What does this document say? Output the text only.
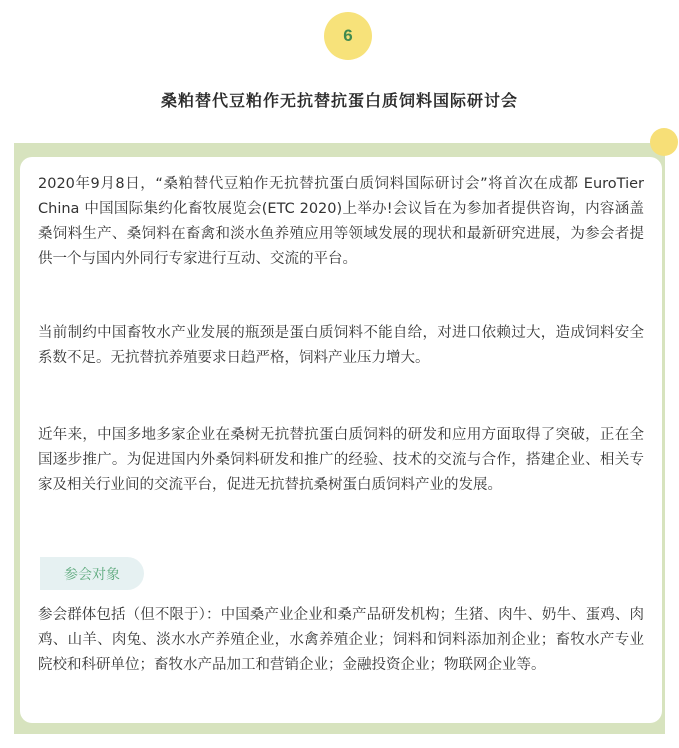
6
桑粕替代豆粕作无抗替抗蛋白质饲料国际研讨会

2020年9月8日，“桑粕替代豆粕作无抗替抗蛋白质饲料国际研讨会”将首次在成都 EuroTier China 中国国际集约化畜牧展览会(ETC 2020)上举办!会议旨在为参加者提供咨询，内容涵盖桑饲料生产、桑饲料在畜禽和淡水鱼养殖应用等领域发展的现状和最新研究进展，为参会者提供一个与国内外同行专家进行互动、交流的平台。

当前制约中国畜牧水产业发展的瓶颈是蛋白质饲料不能自给，对进口依赖过大，造成饲料安全系数不足。无抗替抗养殖要求日趋严格，饲料产业压力增大。

近年来，中国多地多家企业在桑树无抗替抗蛋白质饲料的研发和应用方面取得了突破，正在全国逐步推广。为促进国内外桑饲料研发和推广的经验、技术的交流与合作，搭建企业、相关专家及相关行业间的交流平台，促进无抗替抗桑树蛋白质饲料产业的发展。

参会对象

参会群体包括（但不限于）：中国桑产业企业和桑产品研发机构；生猪、肉牛、奶牛、蛋鸡、肉鸡、山羊、肉兔、淡水水产养殖企业，水禽养殖企业；饲料和饲料添加剂企业；畜牧水产专业院校和科研单位；畜牧水产品加工和营销企业；金融投资企业；物联网企业等。
